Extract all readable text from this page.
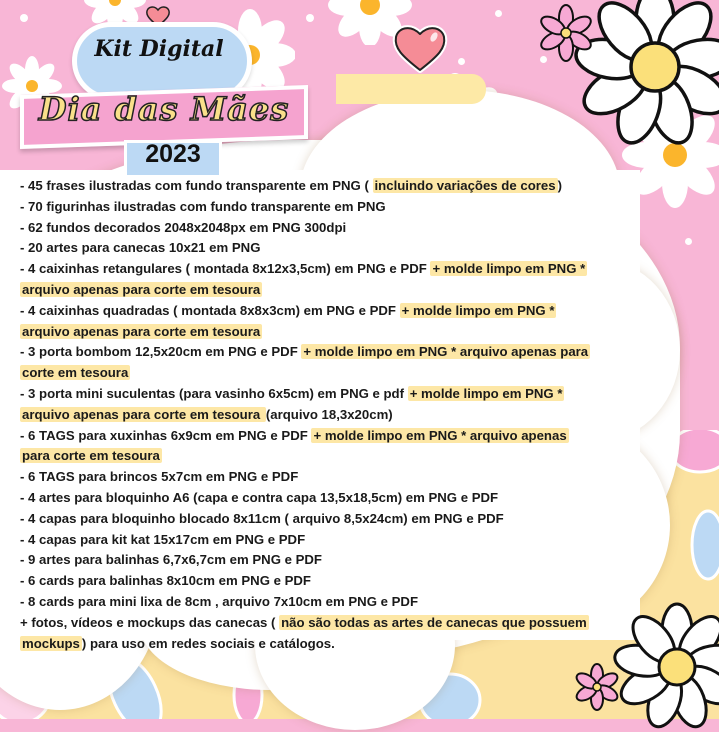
Kit Digital
Dia das Mães
2023
- 45 frases ilustradas com fundo transparente em PNG ( incluindo variações de cores )
- 70 figurinhas ilustradas com fundo transparente em PNG
- 62 fundos decorados 2048x2048px em PNG 300dpi
- 20 artes para canecas 10x21 em PNG
- 4 caixinhas retangulares ( montada 8x12x3,5cm) em PNG e PDF + molde limpo em PNG *
arquivo apenas para corte em tesoura
- 4 caixinhas quadradas ( montada 8x8x3cm) em PNG e PDF + molde limpo em PNG *
arquivo apenas para corte em tesoura
- 3 porta bombom 12,5x20cm em PNG e PDF + molde limpo em PNG * arquivo apenas para
corte em tesoura
- 3 porta mini suculentas (para vasinho 6x5cm) em PNG e pdf + molde limpo em PNG *
arquivo apenas para corte em tesoura (arquivo 18,3x20cm)
- 6 TAGS para xuxinhas 6x9cm em PNG e PDF + molde limpo em PNG * arquivo apenas
para corte em tesoura
- 6 TAGS para brincos 5x7cm em PNG e PDF
- 4 artes para bloquinho A6 (capa e contra capa 13,5x18,5cm) em PNG e PDF
- 4 capas para bloquinho blocado 8x11cm ( arquivo 8,5x24cm) em PNG e PDF
- 4 capas para kit kat 15x17cm em PNG e PDF
- 9 artes para balinhas 6,7x6,7cm em PNG e PDF
- 6 cards para balinhas 8x10cm em PNG e PDF
- 8 cards para mini lixa de 8cm , arquivo 7x10cm em PNG e PDF
+ fotos, vídeos e mockups das canecas ( não são todas as artes de canecas que possuem
mockups ) para uso em redes sociais e catálogos.
